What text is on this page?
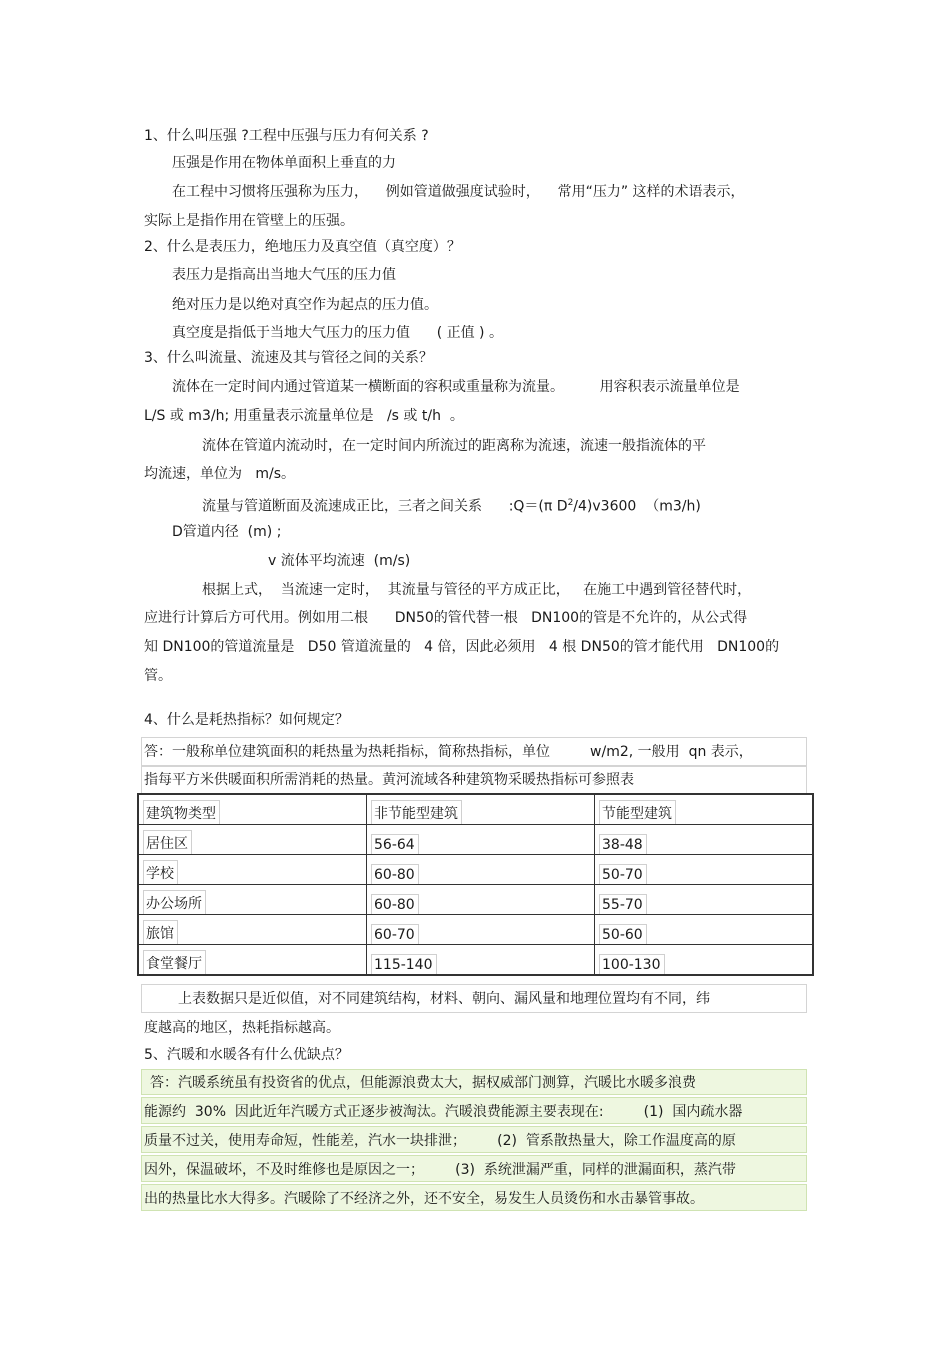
1、什么叫压强 ?工程中压强与压力有何关系 ?
压强是作用在物体单面积上垂直的力
在工程中习惯将压强称为压力，    例如管道做强度试验时，    常用“压力” 这样的术语表示，
实际上是指作用在管壁上的压强。
2、什么是表压力，绝地压力及真空值（真空度）？
表压力是指高出当地大气压的压力值
绝对压力是以绝对真空作为起点的压力值。
真空度是指低于当地大气压力的压力值      ( 正值 ) 。
3、什么叫流量、流速及其与管径之间的关系？
流体在一定时间内通过管道某一横断面的容积或重量称为流量。        用容积表示流量单位是
L/S 或 m3/h; 用重量表示流量单位是   /s 或 t/h  。
流体在管道内流动时，在一定时间内所流过的距离称为流速，流速一般指流体的平
均流速，单位为   m/s。
流量与管道断面及流速成正比，三者之间关系      :Q＝(π $D^2/4)v3600$  （m3/h)
D管道内径  (m) ;
v 流体平均流速  (m/s)
根据上式，  当流速一定时，  其流量与管径的平方成正比，   在施工中遇到管径替代时，
应进行计算后方可代用。例如用二根      DN50的管代替一根   DN100的管是不允许的，从公式得
知 DN100的管道流量是   D50 管道流量的   4 倍，因此必须用   4 根 DN50的管才能代用   DN100的
管。
4、什么是耗热指标？如何规定？
答：一般称单位建筑面积的耗热量为热耗指标，简称热指标，单位         w/m2, 一般用  qn 表示，
指每平方米供暖面积所需消耗的热量。黄河流域各种建筑物采暖热指标可参照表
建筑物类型	非节能型建筑	节能型建筑
居住区	56-64	38-48
学校	60-80	50-70
办公场所	60-80	55-70
旅馆	60-70	50-60
食堂餐厅	115-140	100-130
上表数据只是近似值，对不同建筑结构，材料、朝向、漏风量和地理位置均有不同，纬
度越高的地区，热耗指标越高。
5、汽暖和水暖各有什么优缺点？
答：汽暖系统虽有投资省的优点，但能源浪费太大，据权威部门测算，汽暖比水暖多浪费
能源约  30%  因此近年汽暖方式正逐步被淘汰。汽暖浪费能源主要表现在:         (1)  国内疏水器
质量不过关，使用寿命短，性能差，汽水一块排泄；       (2)  管系散热量大，除工作温度高的原
因外，保温破坏，不及时维修也是原因之一；       (3)  系统泄漏严重，同样的泄漏面积，蒸汽带
出的热量比水大得多。汽暖除了不经济之外，还不安全，易发生人员烫伤和水击暴管事故。
